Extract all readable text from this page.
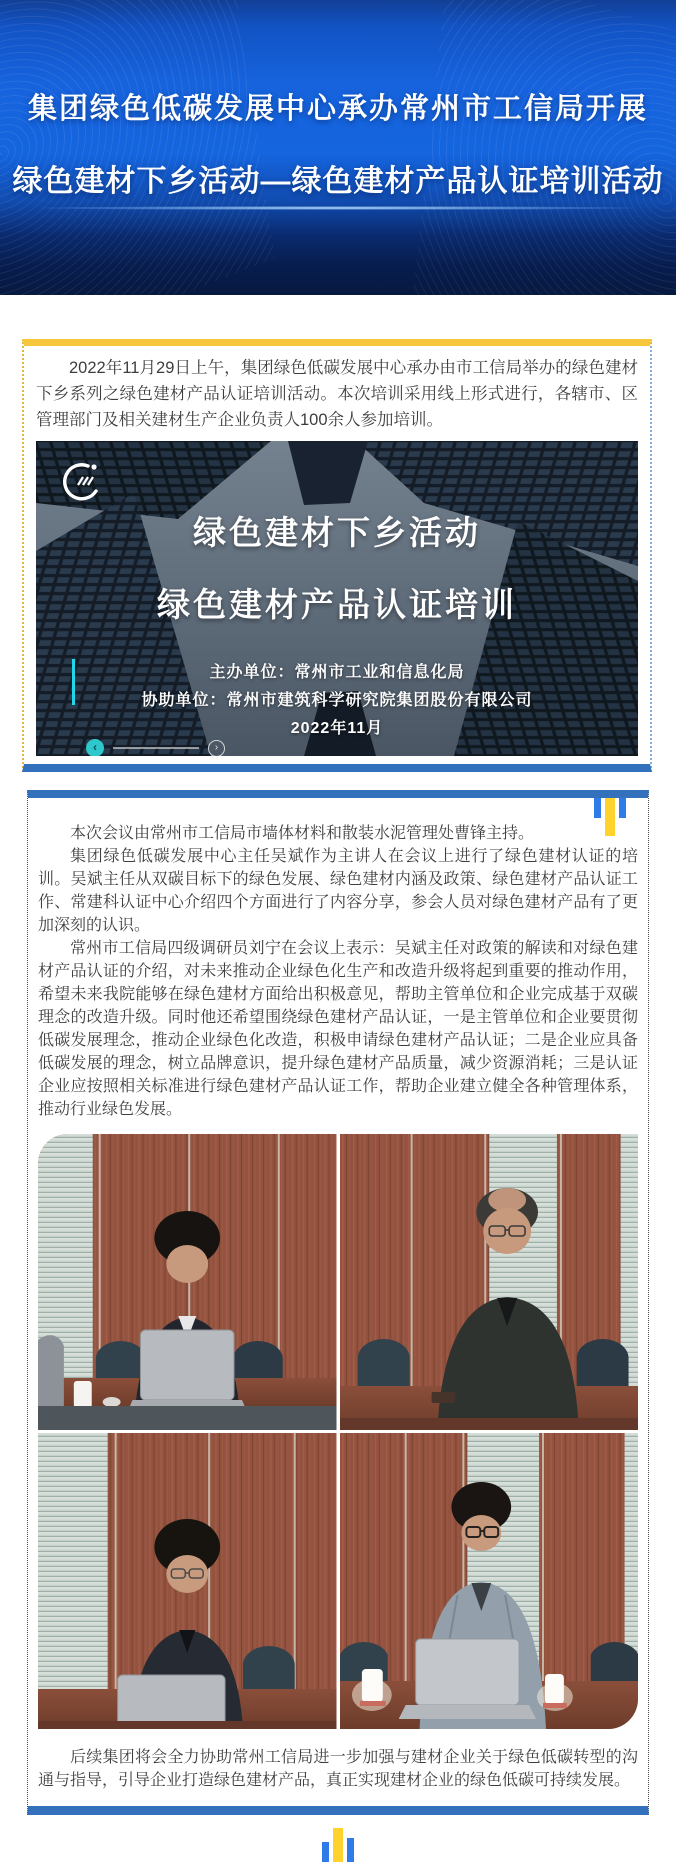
集团绿色低碳发展中心承办常州市工信局开展
绿色建材下乡活动—绿色建材产品认证培训活动

2022年11月29日上午，集团绿色低碳发展中心承办由市工信局举办的绿色建材下乡系列之绿色建材产品认证培训活动。本次培训采用线上形式进行，各辖市、区管理部门及相关建材生产企业负责人100余人参加培训。

绿色建材下乡活动
绿色建材产品认证培训
主办单位：常州市工业和信息化局
协助单位：常州市建筑科学研究院集团股份有限公司
2022年11月
‹	›

本次会议由常州市工信局市墙体材料和散装水泥管理处曹锋主持。

集团绿色低碳发展中心主任吴斌作为主讲人在会议上进行了绿色建材认证的培训。吴斌主任从双碳目标下的绿色发展、绿色建材内涵及政策、绿色建材产品认证工作、常建科认证中心介绍四个方面进行了内容分享，参会人员对绿色建材产品有了更加深刻的认识。

常州市工信局四级调研员刘宁在会议上表示：吴斌主任对政策的解读和对绿色建材产品认证的介绍，对未来推动企业绿色化生产和改造升级将起到重要的推动作用，希望未来我院能够在绿色建材方面给出积极意见，帮助主管单位和企业完成基于双碳理念的改造升级。同时他还希望围绕绿色建材产品认证，一是主管单位和企业要贯彻低碳发展理念，推动企业绿色化改造，积极申请绿色建材产品认证；二是企业应具备低碳发展的理念，树立品牌意识，提升绿色建材产品质量，减少资源消耗；三是认证企业应按照相关标准进行绿色建材产品认证工作，帮助企业建立健全各种管理体系，推动行业绿色发展。

后续集团将会全力协助常州工信局进一步加强与建材企业关于绿色低碳转型的沟通与指导，引导企业打造绿色建材产品，真正实现建材企业的绿色低碳可持续发展。
